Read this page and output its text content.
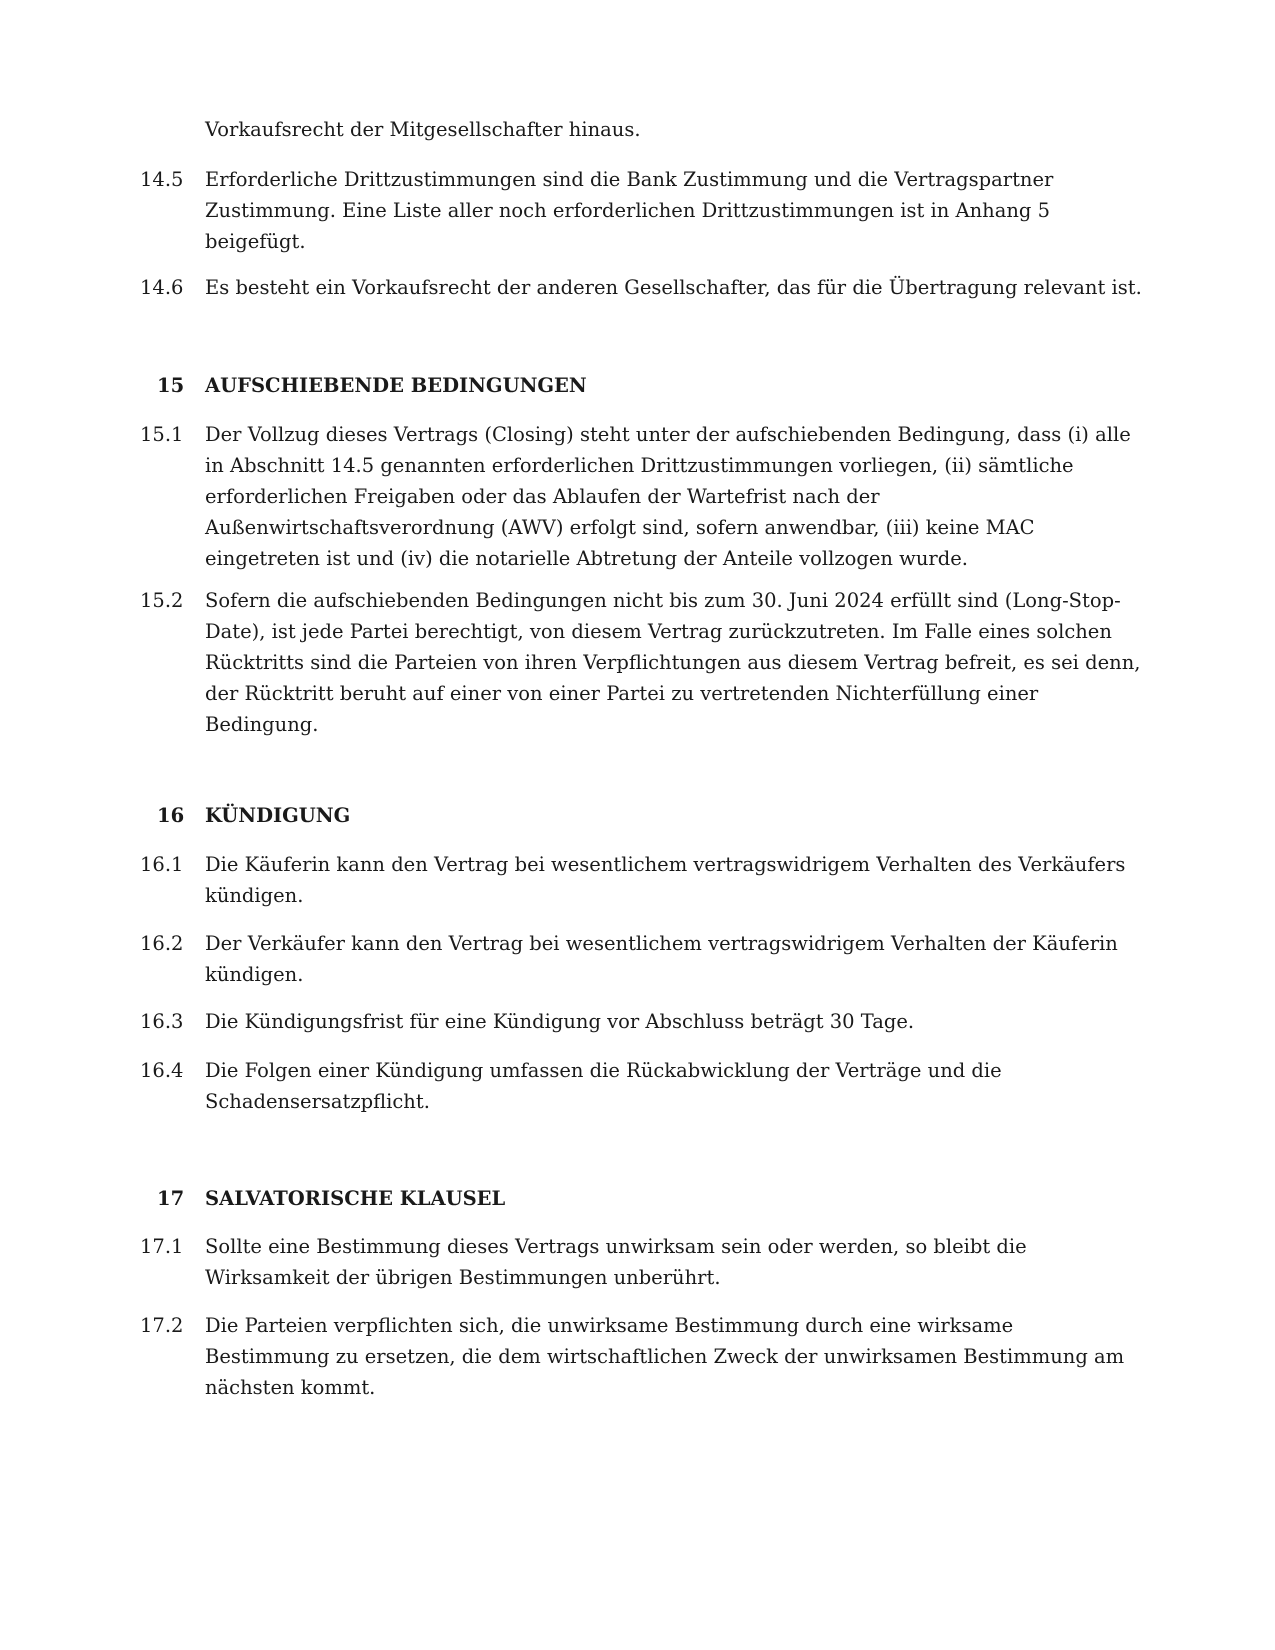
Vorkaufsrecht der Mitgesellschafter hinaus.
14.5	Erforderliche Drittzustimmungen sind die Bank Zustimmung und die Vertragspartner
Zustimmung. Eine Liste aller noch erforderlichen Drittzustimmungen ist in Anhang 5
beigefügt.
14.6	Es besteht ein Vorkaufsrecht der anderen Gesellschafter, das für die Übertragung relevant ist.
15	AUFSCHIEBENDE BEDINGUNGEN
15.1	Der Vollzug dieses Vertrags (Closing) steht unter der aufschiebenden Bedingung, dass (i) alle
in Abschnitt 14.5 genannten erforderlichen Drittzustimmungen vorliegen, (ii) sämtliche
erforderlichen Freigaben oder das Ablaufen der Wartefrist nach der
Außenwirtschaftsverordnung (AWV) erfolgt sind, sofern anwendbar, (iii) keine MAC
eingetreten ist und (iv) die notarielle Abtretung der Anteile vollzogen wurde.
15.2	Sofern die aufschiebenden Bedingungen nicht bis zum 30. Juni 2024 erfüllt sind (Long-Stop-
Date), ist jede Partei berechtigt, von diesem Vertrag zurückzutreten. Im Falle eines solchen
Rücktritts sind die Parteien von ihren Verpflichtungen aus diesem Vertrag befreit, es sei denn,
der Rücktritt beruht auf einer von einer Partei zu vertretenden Nichterfüllung einer
Bedingung.
16	KÜNDIGUNG
16.1	Die Käuferin kann den Vertrag bei wesentlichem vertragswidrigem Verhalten des Verkäufers
kündigen.
16.2	Der Verkäufer kann den Vertrag bei wesentlichem vertragswidrigem Verhalten der Käuferin
kündigen.
16.3	Die Kündigungsfrist für eine Kündigung vor Abschluss beträgt 30 Tage.
16.4	Die Folgen einer Kündigung umfassen die Rückabwicklung der Verträge und die
Schadensersatzpflicht.
17	SALVATORISCHE KLAUSEL
17.1	Sollte eine Bestimmung dieses Vertrags unwirksam sein oder werden, so bleibt die
Wirksamkeit der übrigen Bestimmungen unberührt.
17.2	Die Parteien verpflichten sich, die unwirksame Bestimmung durch eine wirksame
Bestimmung zu ersetzen, die dem wirtschaftlichen Zweck der unwirksamen Bestimmung am
nächsten kommt.
